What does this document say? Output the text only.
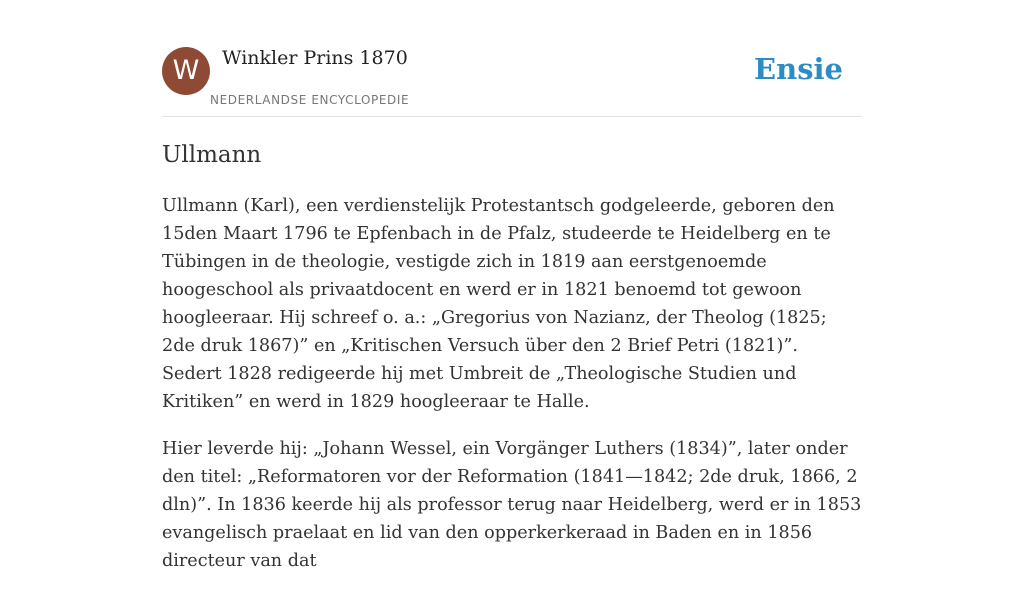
W	Winkler Prins 1870
NEDERLANDSE ENCYCLOPEDIE
Ensie
Ullmann

Ullmann (Karl), een verdienstelijk Protestantsch godgeleerde, geboren den 15den Maart 1796 te Epfenbach in de Pfalz, studeerde te Heidelberg en te Tübingen in de theologie, vestigde zich in 1819 aan eerstgenoemde hoogeschool als privaatdocent en werd er in 1821 benoemd tot gewoon hoogleeraar. Hij schreef o. a.: „Gregorius von Nazianz, der Theolog (1825; 2de druk 1867)” en „Kritischen Versuch über den 2 Brief Petri (1821)”. Sedert 1828 redigeerde hij met Umbreit de „Theologische Studien und Kritiken” en werd in 1829 hoogleeraar te Halle.

Hier leverde hij: „Johann Wessel, ein Vorgänger Luthers (1834)”, later onder den titel: „Reformatoren vor der Reformation (1841—1842; 2de druk, 1866, 2 dln)”. In 1836 keerde hij als professor terug naar Heidelberg, werd er in 1853 evangelisch praelaat en lid van den opperkerkeraad in Baden en in 1856 directeur van dat
